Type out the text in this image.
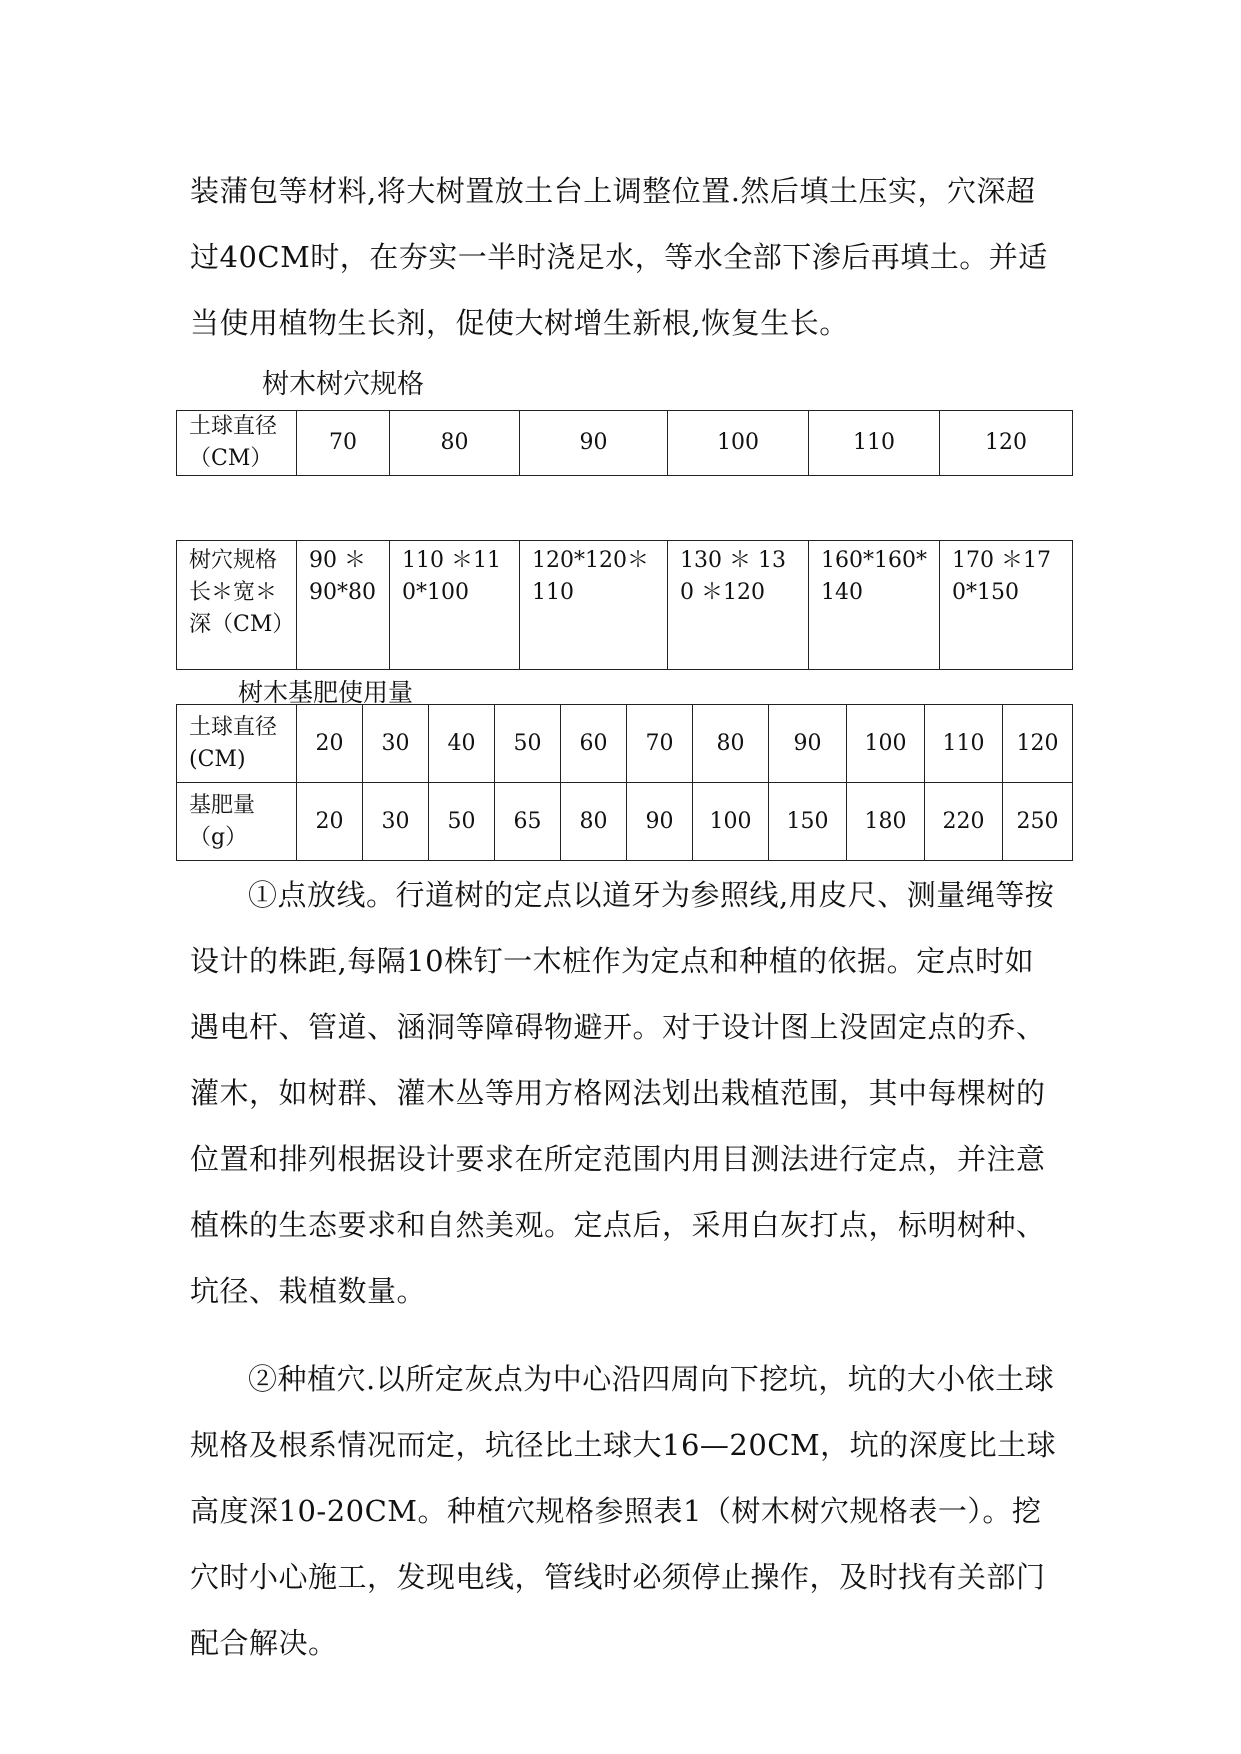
装蒲包等材料,将大树置放土台上调整位置.然后填土压实，穴深超过40CM时，在夯实一半时浇足水，等水全部下渗后再填土。并适当使用植物生长剂，促使大树增生新根,恢复生长。

树木树穴规格

土球直径（CM）	70	80	90	100	110	120
树穴规格长＊宽＊深（CM）	90 ＊90*80	110 ＊110*100	120*120＊110	130 ＊ 130 ＊120	160*160*140	170 ＊170*150

树木基肥使用量

土球直径(CM)	20	30	40	50	60	70	80	90	100	110	120
基肥量（g）	20	30	50	65	80	90	100	150	180	220	250

①点放线。行道树的定点以道牙为参照线,用皮尺、测量绳等按设计的株距,每隔10株钉一木桩作为定点和种植的依据。定点时如遇电杆、管道、涵洞等障碍物避开。对于设计图上没固定点的乔、灌木，如树群、灌木丛等用方格网法划出栽植范围，其中每棵树的位置和排列根据设计要求在所定范围内用目测法进行定点，并注意植株的生态要求和自然美观。定点后，采用白灰打点，标明树种、坑径、栽植数量。

②种植穴.以所定灰点为中心沿四周向下挖坑，坑的大小依土球规格及根系情况而定，坑径比土球大16—20CM，坑的深度比土球高度深10-20CM。种植穴规格参照表1（树木树穴规格表一）。挖穴时小心施工，发现电线，管线时必须停止操作，及时找有关部门配合解决。
